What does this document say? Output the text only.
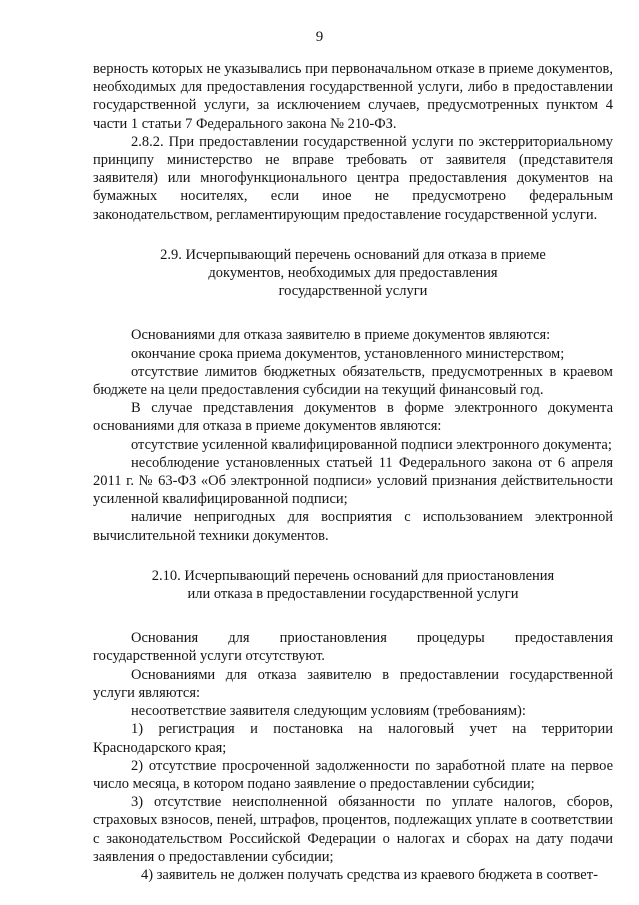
9

верность которых не указывались при первоначальном отказе в приеме документов, необходимых для предоставления государственной услуги, либо в предоставлении государственной услуги, за исключением случаев, предусмотренных пунктом 4 части 1 статьи 7 Федерального закона № 210-ФЗ.

2.8.2. При предоставлении государственной услуги по экстерриториальному принципу министерство не вправе требовать от заявителя (представителя заявителя) или многофункционального центра предоставления документов на бумажных носителях, если иное не предусмотрено федеральным законодательством, регламентирующим предоставление государственной услуги.

2.9. Исчерпывающий перечень оснований для отказа в приеме
документов, необходимых для предоставления
государственной услуги

Основаниями для отказа заявителю в приеме документов являются:

окончание срока приема документов, установленного министерством;

отсутствие лимитов бюджетных обязательств, предусмотренных в краевом бюджете на цели предоставления субсидии на текущий финансовый год.

В случае представления документов в форме электронного документа основаниями для отказа в приеме документов являются:

отсутствие усиленной квалифицированной подписи электронного документа;

несоблюдение установленных статьей 11 Федерального закона от 6 апреля 2011 г. № 63-ФЗ «Об электронной подписи» условий признания действительности усиленной квалифицированной подписи;

наличие непригодных для восприятия с использованием электронной вычислительной техники документов.

2.10. Исчерпывающий перечень оснований для приостановления
или отказа в предоставлении государственной услуги

Основания для приостановления процедуры предоставления государственной услуги отсутствуют.

Основаниями для отказа заявителю в предоставлении государственной услуги являются:

несоответствие заявителя следующим условиям (требованиям):

1) регистрация и постановка на налоговый учет на территории Краснодарского края;

2) отсутствие просроченной задолженности по заработной плате на первое число месяца, в котором подано заявление о предоставлении субсидии;

3) отсутствие неисполненной обязанности по уплате налогов, сборов, страховых взносов, пеней, штрафов, процентов, подлежащих уплате в соответствии с законодательством Российской Федерации о налогах и сборах на дату подачи заявления о предоставлении субсидии;

4) заявитель не должен получать средства из краевого бюджета в соответ-
